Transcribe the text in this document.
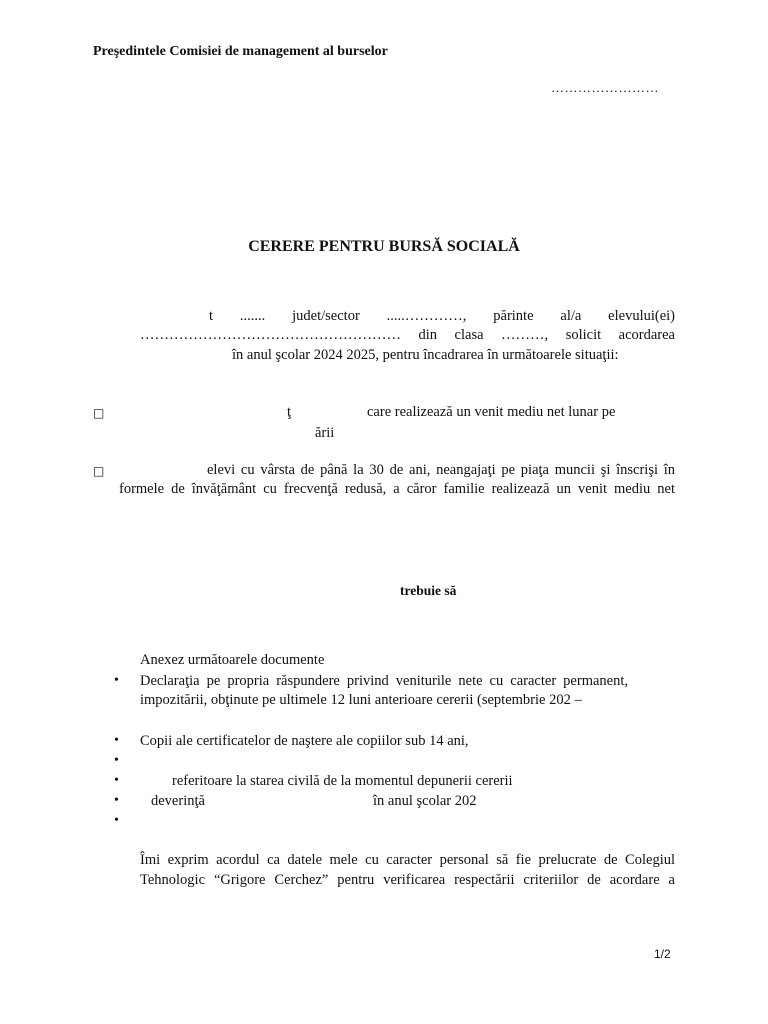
Preşedintele Comisiei de management al burselor
……………………
CERERE PENTRU BURSĂ SOCIALĂ
t ....... judet/sector .....…………, părinte al/a elevului(ei)
……………………………………………… din clasa ………, solicit acordarea
în anul şcolar 2024 2025, pentru încadrarea în următoarele situaţii:
□	ţ	care realizează un venit mediu net lunar pe
ării
□	elevi cu vârsta de până la 30 de ani, neangajaţi pe piaţa muncii şi înscrişi în
formele de învăţământ cu frecvenţă redusă, a căror familie realizează un venit mediu net
trebuie să
Anexez următoarele documente
• Declaraţia pe propria răspundere privind veniturile nete cu caracter permanent,
impozitării, obţinute pe ultimele 12 luni anterioare cererii (septembrie 202 –
• Copii ale certificatelor de naştere ale copiilor sub 14 ani,
•
•	referitoare la starea civilă de la momentul depunerii cererii
• deverinţă	în anul şcolar 202
•
Îmi exprim acordul ca datele mele cu caracter personal să fie prelucrate de Colegiul
Tehnologic “Grigore Cerchez” pentru verificarea respectării criteriilor de acordare a
1/2
